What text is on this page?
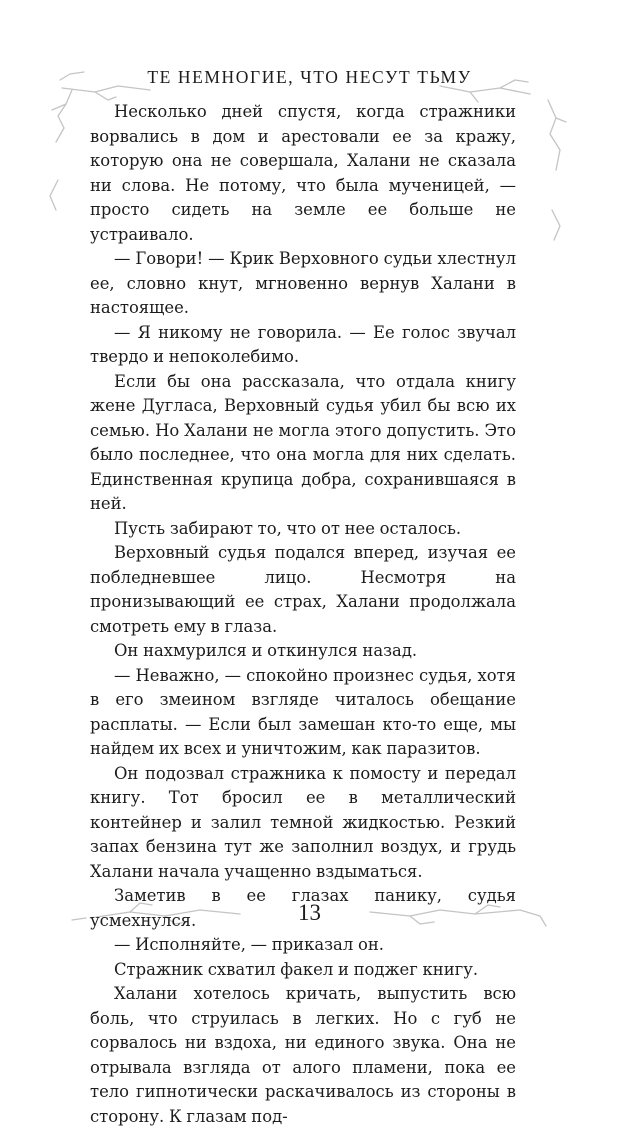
ТЕ НЕМНОГИЕ, ЧТО НЕСУТ ТЬМУ

Несколько дней спустя, когда стражники ворвались в дом и арестовали ее за кражу, которую она не совершала, Халани не сказала ни слова. Не потому, что была мученицей, — просто сидеть на земле ее больше не устраивало.

— Говори! — Крик Верховного судьи хлестнул ее, словно кнут, мгновенно вернув Халани в настоящее.

— Я никому не говорила. — Ее голос звучал твердо и непоколебимо.

Если бы она рассказала, что отдала книгу жене Дугласа, Верховный судья убил бы всю их семью. Но Халани не могла этого допустить. Это было последнее, что она могла для них сделать. Единственная крупица добра, сохранившаяся в ней.

Пусть забирают то, что от нее осталось.

Верховный судья подался вперед, изучая ее побледневшее лицо. Несмотря на пронизывающий ее страх, Халани продолжала смотреть ему в глаза.

Он нахмурился и откинулся назад.

— Неважно, — спокойно произнес судья, хотя в его змеином взгляде читалось обещание расплаты. — Если был замешан кто-то еще, мы найдем их всех и уничтожим, как паразитов.

Он подозвал стражника к помосту и передал книгу. Тот бросил ее в металлический контейнер и залил темной жидкостью. Резкий запах бензина тут же заполнил воздух, и грудь Халани начала учащенно вздыматься.

Заметив в ее глазах панику, судья усмехнулся.

— Исполняйте, — приказал он.

Стражник схватил факел и поджег книгу.

Халани хотелось кричать, выпустить всю боль, что струилась в легких. Но с губ не сорвалось ни вздоха, ни единого звука. Она не отрывала взгляда от алого пламени, пока ее тело гипнотически раскачивалось из стороны в сторону. К глазам под-

13
